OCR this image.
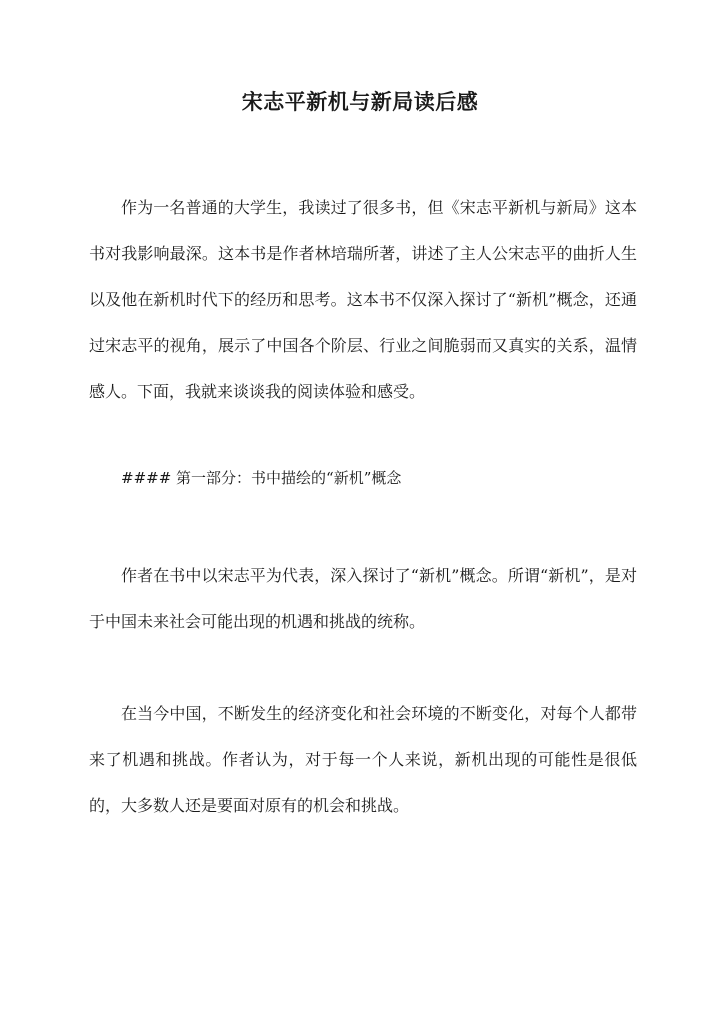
宋志平新机与新局读后感

作为一名普通的大学生，我读过了很多书，但《宋志平新机与新局》这本书对我影响最深。这本书是作者林培瑞所著，讲述了主人公宋志平的曲折人生以及他在新机时代下的经历和思考。这本书不仅深入探讨了“新机”概念，还通过宋志平的视角，展示了中国各个阶层、行业之间脆弱而又真实的关系，温情感人。下面，我就来谈谈我的阅读体验和感受。

#### 第一部分：书中描绘的“新机”概念

作者在书中以宋志平为代表，深入探讨了“新机”概念。所谓“新机”，是对于中国未来社会可能出现的机遇和挑战的统称。

在当今中国，不断发生的经济变化和社会环境的不断变化，对每个人都带来了机遇和挑战。作者认为，对于每一个人来说，新机出现的可能性是很低的，大多数人还是要面对原有的机会和挑战。
